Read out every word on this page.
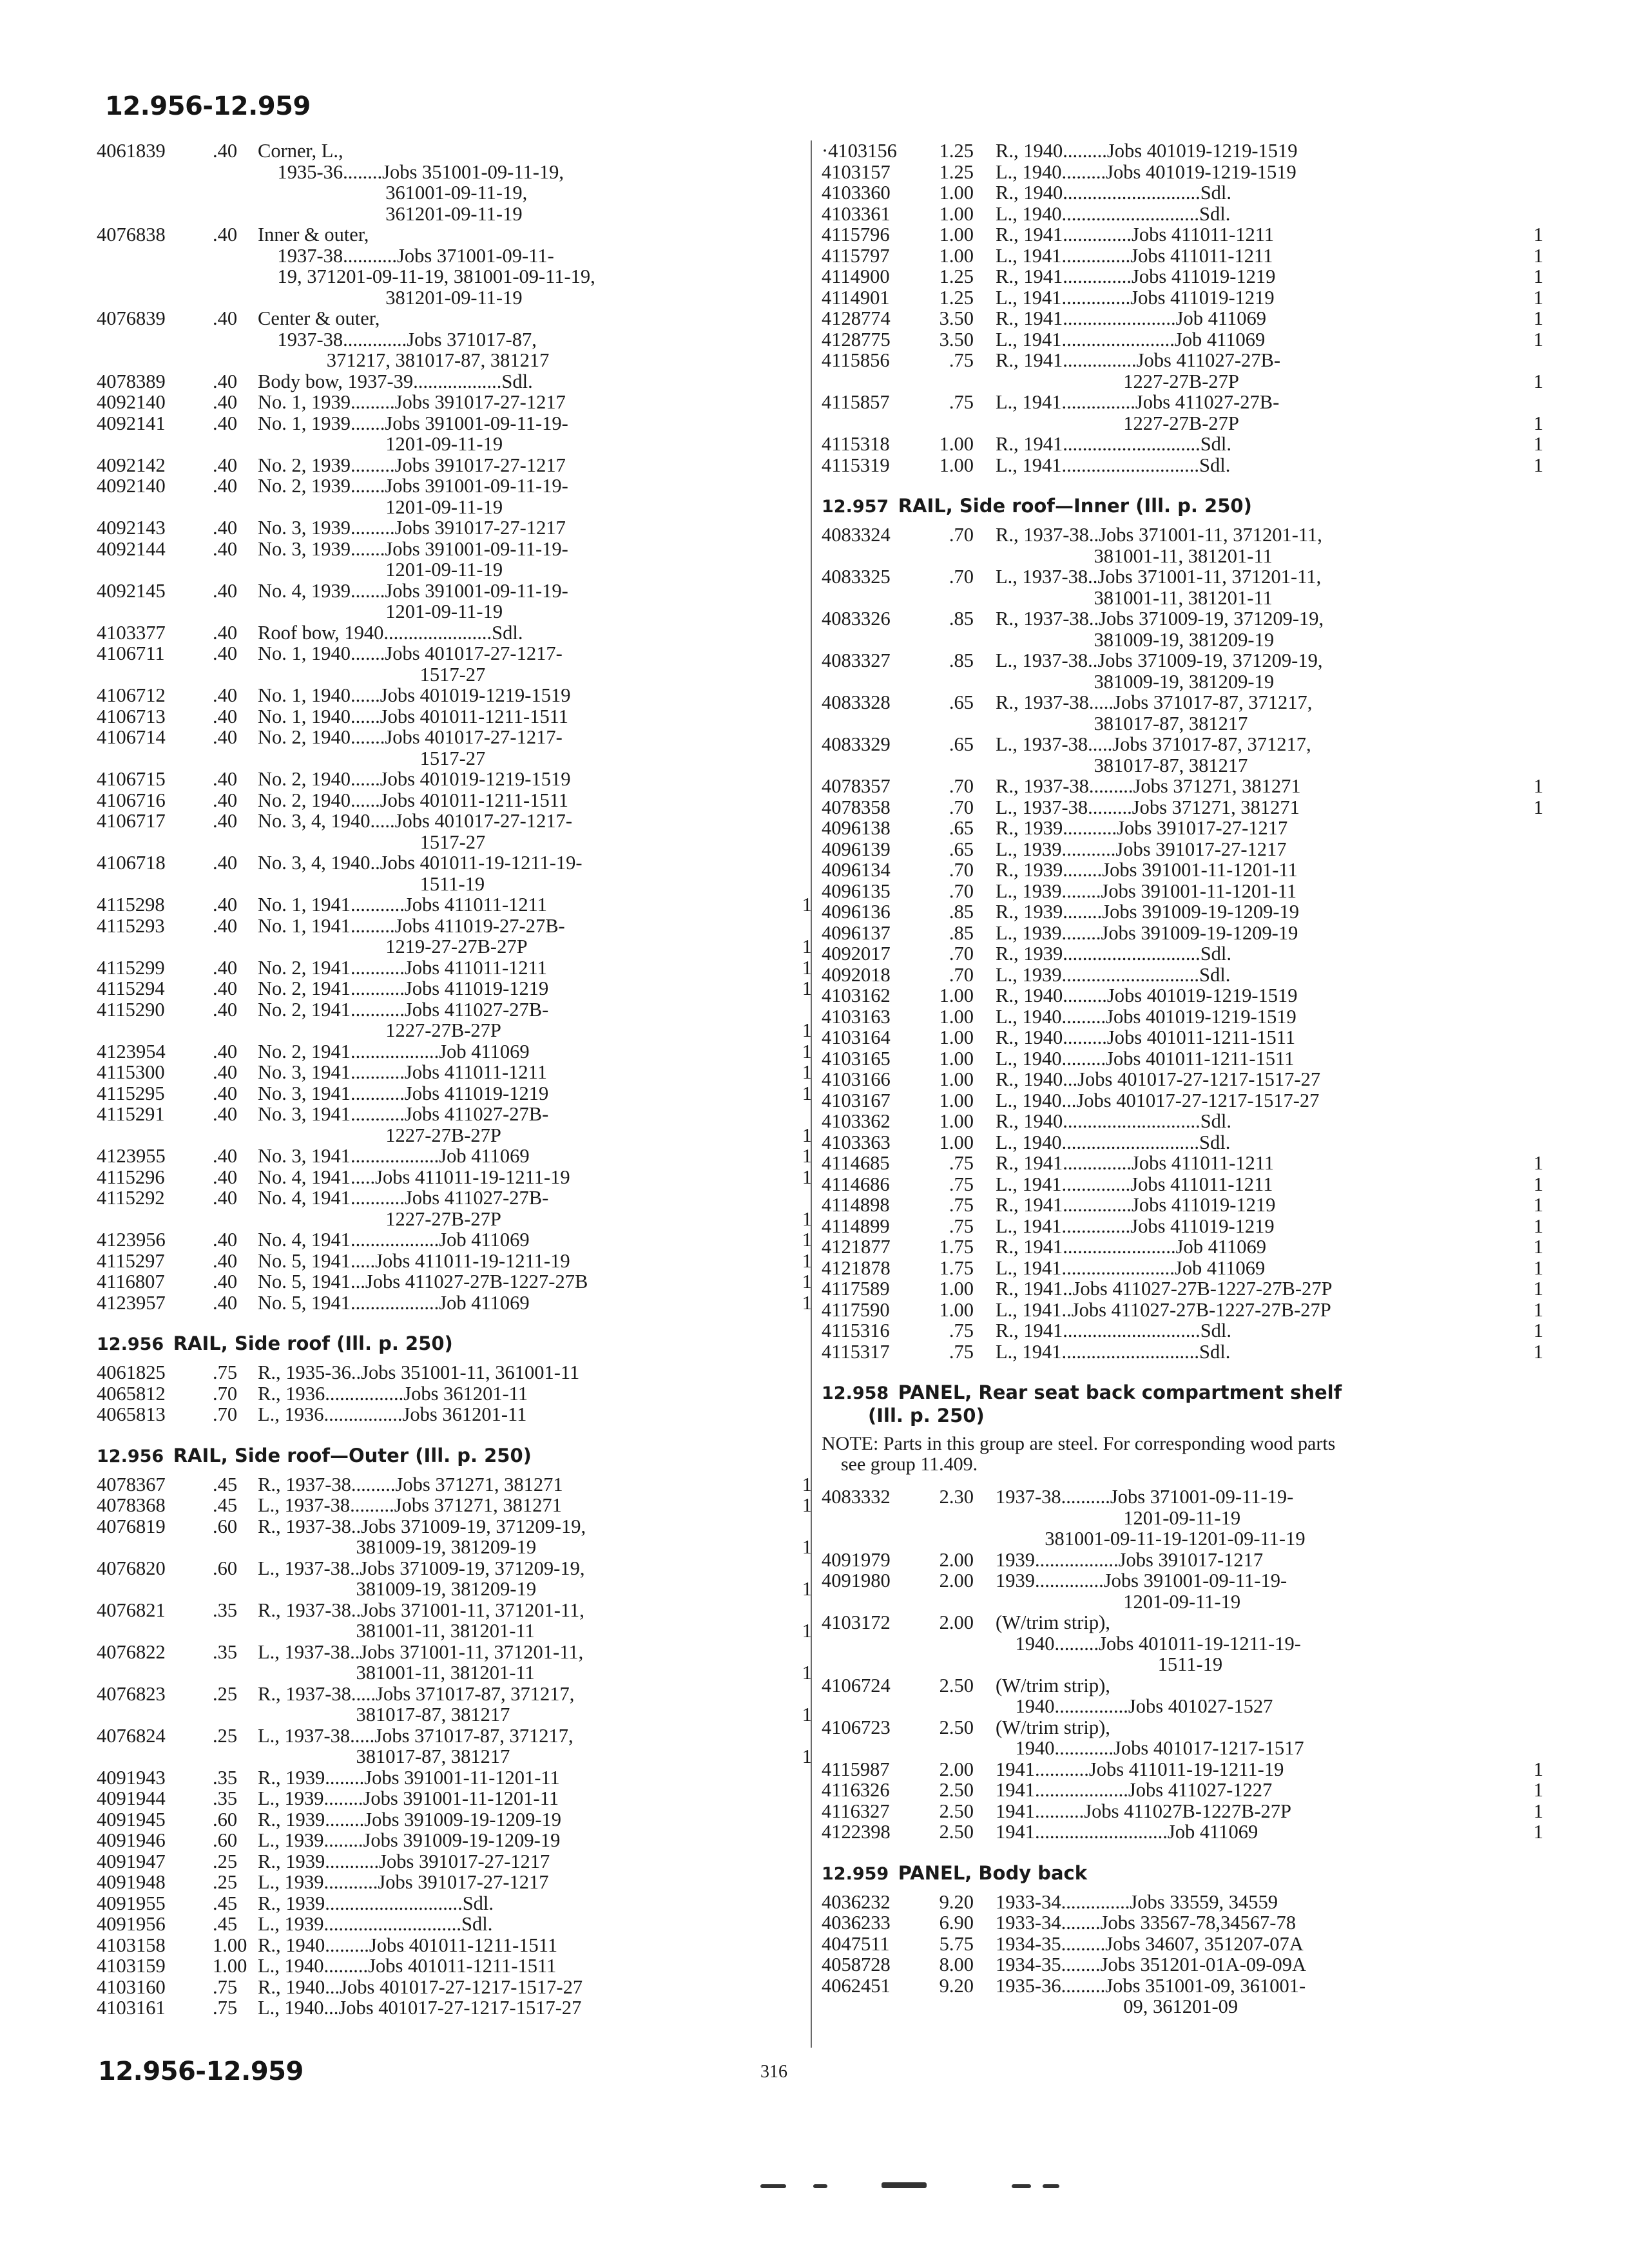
12.956-12.959
4061839	.40	Corner, L.,
1935-36........Jobs 351001-09-11-19,
361001-09-11-19,
361201-09-11-19
4076838	.40	Inner & outer,
1937-38...........Jobs 371001-09-11-
19, 371201-09-11-19, 381001-09-11-19,
381201-09-11-19
4076839	.40	Center & outer,
1937-38.............Jobs 371017-87,
371217, 381017-87, 381217
4078389	.40	Body bow, 1937-39..................Sdl.
4092140	.40	No. 1, 1939.........Jobs 391017-27-1217
4092141	.40	No. 1, 1939.......Jobs 391001-09-11-19-
1201-09-11-19
4092142	.40	No. 2, 1939.........Jobs 391017-27-1217
4092140	.40	No. 2, 1939.......Jobs 391001-09-11-19-
1201-09-11-19
4092143	.40	No. 3, 1939.........Jobs 391017-27-1217
4092144	.40	No. 3, 1939.......Jobs 391001-09-11-19-
1201-09-11-19
4092145	.40	No. 4, 1939.......Jobs 391001-09-11-19-
1201-09-11-19
4103377	.40	Roof bow, 1940......................Sdl.
4106711	.40	No. 1, 1940.......Jobs 401017-27-1217-
1517-27
4106712	.40	No. 1, 1940......Jobs 401019-1219-1519
4106713	.40	No. 1, 1940......Jobs 401011-1211-1511
4106714	.40	No. 2, 1940.......Jobs 401017-27-1217-
1517-27
4106715	.40	No. 2, 1940......Jobs 401019-1219-1519
4106716	.40	No. 2, 1940......Jobs 401011-1211-1511
4106717	.40	No. 3, 4, 1940.....Jobs 401017-27-1217-
1517-27
4106718	.40	No. 3, 4, 1940..Jobs 401011-19-1211-19-
1511-19
4115298	.40	No. 1, 1941...........Jobs 411011-1211	1
4115293	.40	No. 1, 1941.........Jobs 411019-27-27B-
1219-27-27B-27P	1
4115299	.40	No. 2, 1941...........Jobs 411011-1211	1
4115294	.40	No. 2, 1941...........Jobs 411019-1219	1
4115290	.40	No. 2, 1941...........Jobs 411027-27B-
1227-27B-27P	1
4123954	.40	No. 2, 1941..................Job 411069	1
4115300	.40	No. 3, 1941...........Jobs 411011-1211	1
4115295	.40	No. 3, 1941...........Jobs 411019-1219	1
4115291	.40	No. 3, 1941...........Jobs 411027-27B-
1227-27B-27P	1
4123955	.40	No. 3, 1941..................Job 411069	1
4115296	.40	No. 4, 1941.....Jobs 411011-19-1211-19	1
4115292	.40	No. 4, 1941...........Jobs 411027-27B-
1227-27B-27P	1
4123956	.40	No. 4, 1941..................Job 411069	1
4115297	.40	No. 5, 1941.....Jobs 411011-19-1211-19	1
4116807	.40	No. 5, 1941...Jobs 411027-27B-1227-27B	1
4123957	.40	No. 5, 1941..................Job 411069	1
12.956 RAIL, Side roof (Ill. p. 250)
4061825	.75	R., 1935-36..Jobs 351001-11, 361001-11
4065812	.70	R., 1936................Jobs 361201-11
4065813	.70	L., 1936................Jobs 361201-11
12.956 RAIL, Side roof—Outer (Ill. p. 250)
4078367	.45	R., 1937-38.........Jobs 371271, 381271	1
4078368	.45	L., 1937-38.........Jobs 371271, 381271	1
4076819	.60	R., 1937-38..Jobs 371009-19, 371209-19,
381009-19, 381209-19	1
4076820	.60	L., 1937-38..Jobs 371009-19, 371209-19,
381009-19, 381209-19	1
4076821	.35	R., 1937-38..Jobs 371001-11, 371201-11,
381001-11, 381201-11	1
4076822	.35	L., 1937-38..Jobs 371001-11, 371201-11,
381001-11, 381201-11	1
4076823	.25	R., 1937-38.....Jobs 371017-87, 371217,
381017-87, 381217	1
4076824	.25	L., 1937-38.....Jobs 371017-87, 371217,
381017-87, 381217	1
4091943	.35	R., 1939........Jobs 391001-11-1201-11
4091944	.35	L., 1939........Jobs 391001-11-1201-11
4091945	.60	R., 1939........Jobs 391009-19-1209-19
4091946	.60	L., 1939........Jobs 391009-19-1209-19
4091947	.25	R., 1939...........Jobs 391017-27-1217
4091948	.25	L., 1939...........Jobs 391017-27-1217
4091955	.45	R., 1939............................Sdl.
4091956	.45	L., 1939............................Sdl.
4103158	1.00 R., 1940.........Jobs 401011-1211-1511
4103159	1.00 L., 1940.........Jobs 401011-1211-1511
4103160	.75	R., 1940...Jobs 401017-27-1217-1517-27
4103161	.75	L., 1940...Jobs 401017-27-1217-1517-27
·4103156	1.25	R., 1940.........Jobs 401019-1219-1519
4103157	1.25	L., 1940.........Jobs 401019-1219-1519
4103360	1.00	R., 1940............................Sdl.
4103361	1.00	L., 1940............................Sdl.
4115796	1.00	R., 1941..............Jobs 411011-1211	1
4115797	1.00	L., 1941..............Jobs 411011-1211	1
4114900	1.25	R., 1941..............Jobs 411019-1219	1
4114901	1.25	L., 1941..............Jobs 411019-1219	1
4128774	3.50	R., 1941.......................Job 411069	1
4128775	3.50	L., 1941.......................Job 411069	1
4115856	.75	R., 1941...............Jobs 411027-27B-
1227-27B-27P	1
4115857	.75	L., 1941...............Jobs 411027-27B-
1227-27B-27P	1
4115318	1.00	R., 1941............................Sdl.	1
4115319	1.00	L., 1941............................Sdl.	1
12.957 RAIL, Side roof—Inner (Ill. p. 250)
4083324	.70	R., 1937-38..Jobs 371001-11, 371201-11,
381001-11, 381201-11
4083325	.70	L., 1937-38..Jobs 371001-11, 371201-11,
381001-11, 381201-11
4083326	.85	R., 1937-38..Jobs 371009-19, 371209-19,
381009-19, 381209-19
4083327	.85	L., 1937-38..Jobs 371009-19, 371209-19,
381009-19, 381209-19
4083328	.65	R., 1937-38.....Jobs 371017-87, 371217,
381017-87, 381217
4083329	.65	L., 1937-38.....Jobs 371017-87, 371217,
381017-87, 381217
4078357	.70	R., 1937-38.........Jobs 371271, 381271	1
4078358	.70	L., 1937-38.........Jobs 371271, 381271	1
4096138	.65	R., 1939...........Jobs 391017-27-1217
4096139	.65	L., 1939...........Jobs 391017-27-1217
4096134	.70	R., 1939........Jobs 391001-11-1201-11
4096135	.70	L., 1939........Jobs 391001-11-1201-11
4096136	.85	R., 1939........Jobs 391009-19-1209-19
4096137	.85	L., 1939........Jobs 391009-19-1209-19
4092017	.70	R., 1939............................Sdl.
4092018	.70	L., 1939............................Sdl.
4103162	1.00	R., 1940.........Jobs 401019-1219-1519
4103163	1.00	L., 1940.........Jobs 401019-1219-1519
4103164	1.00	R., 1940.........Jobs 401011-1211-1511
4103165	1.00	L., 1940.........Jobs 401011-1211-1511
4103166	1.00	R., 1940...Jobs 401017-27-1217-1517-27
4103167	1.00	L., 1940...Jobs 401017-27-1217-1517-27
4103362	1.00	R., 1940............................Sdl.
4103363	1.00	L., 1940............................Sdl.
4114685	.75	R., 1941..............Jobs 411011-1211	1
4114686	.75	L., 1941..............Jobs 411011-1211	1
4114898	.75	R., 1941..............Jobs 411019-1219	1
4114899	.75	L., 1941..............Jobs 411019-1219	1
4121877	1.75	R., 1941.......................Job 411069	1
4121878	1.75	L., 1941.......................Job 411069	1
4117589	1.00	R., 1941..Jobs 411027-27B-1227-27B-27P	1
4117590	1.00	L., 1941..Jobs 411027-27B-1227-27B-27P	1
4115316	.75	R., 1941............................Sdl.	1
4115317	.75	L., 1941............................Sdl.	1
12.958 PANEL, Rear seat back compartment shelf
(Ill. p. 250)
NOTE: Parts in this group are steel. For corresponding wood parts
see group 11.409.
4083332	2.30	1937-38..........Jobs 371001-09-11-19-
1201-09-11-19
381001-09-11-19-1201-09-11-19
4091979	2.00	1939.................Jobs 391017-1217
4091980	2.00	1939..............Jobs 391001-09-11-19-
1201-09-11-19
4103172	2.00	(W/trim strip),
1940.........Jobs 401011-19-1211-19-
1511-19
4106724	2.50	(W/trim strip),
1940...............Jobs 401027-1527
4106723	2.50	(W/trim strip),
1940............Jobs 401017-1217-1517
4115987	2.00	1941...........Jobs 411011-19-1211-19	1
4116326	2.50	1941...................Jobs 411027-1227	1
4116327	2.50	1941..........Jobs 411027B-1227B-27P	1
4122398	2.50	1941...........................Job 411069	1
12.959 PANEL, Body back
4036232	9.20	1933-34..............Jobs 33559, 34559
4036233	6.90	1933-34........Jobs 33567-78,34567-78
4047511	5.75	1934-35.........Jobs 34607, 351207-07A
4058728	8.00	1934-35........Jobs 351201-01A-09-09A
4062451	9.20	1935-36.........Jobs 351001-09, 361001-
09, 361201-09
12.956-12.959	316
